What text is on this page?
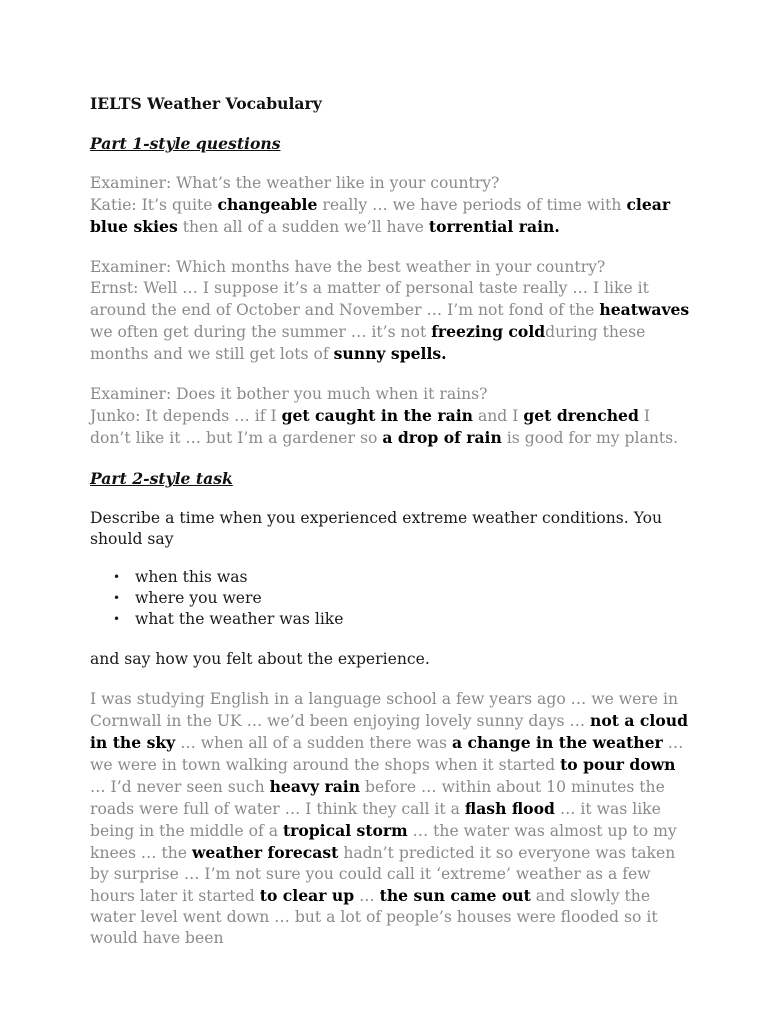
IELTS Weather Vocabulary

Part 1-style questions

Examiner: What’s the weather like in your country?

Katie: It’s quite changeable really … we have periods of time with clear blue skies then all of a sudden we’ll have torrential rain.

Examiner: Which months have the best weather in your country?

Ernst: Well … I suppose it’s a matter of personal taste really … I like it around the end of October and November … I’m not fond of the heatwaves we often get during the summer … it’s not freezing coldduring these months and we still get lots of sunny spells.

Examiner: Does it bother you much when it rains?

Junko: It depends … if I get caught in the rain and I get drenched I don’t like it … but I’m a gardener so a drop of rain is good for my plants.

Part 2-style task

Describe a time when you experienced extreme weather conditions. You should say

• when this was
• where you were
• what the weather was like

and say how you felt about the experience.

I was studying English in a language school a few years ago … we were in Cornwall in the UK … we’d been enjoying lovely sunny days … not a cloud in the sky … when all of a sudden there was a change in the weather … we were in town walking around the shops when it started to pour down … I’d never seen such heavy rain before … within about 10 minutes the roads were full of water … I think they call it a flash flood … it was like being in the middle of a tropical storm … the water was almost up to my knees … the weather forecast hadn’t predicted it so everyone was taken by surprise … I’m not sure you could call it ‘extreme’ weather as a few hours later it started to clear up … the sun came out and slowly the water level went down … but a lot of people’s houses were flooded so it would have been
